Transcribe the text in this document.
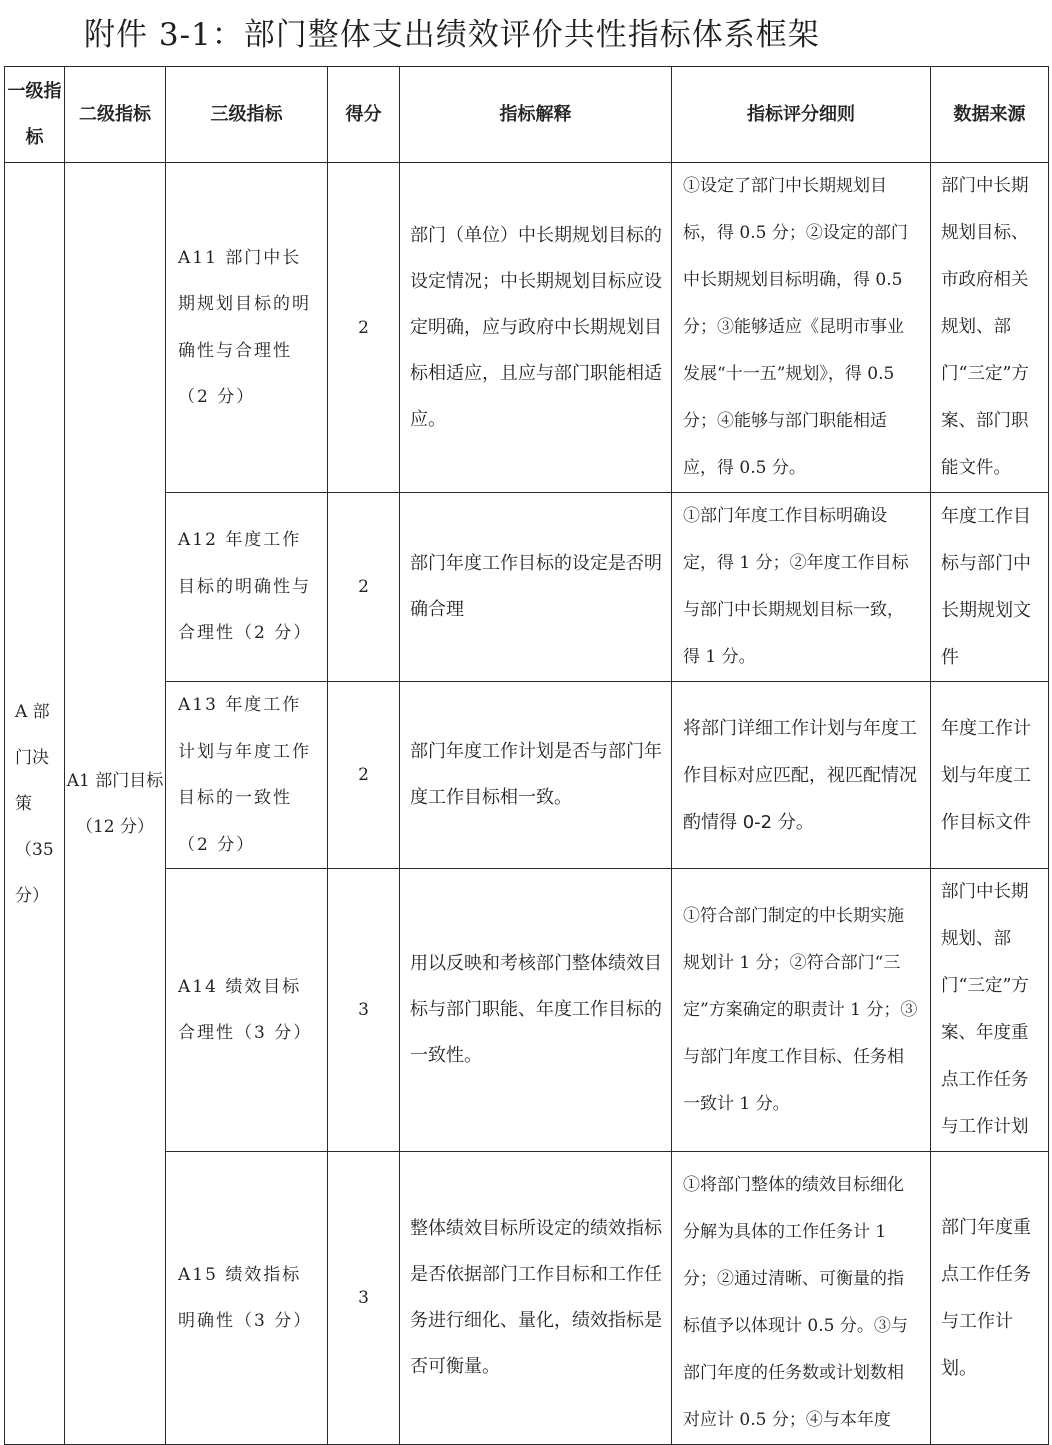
附件 3-1：部门整体支出绩效评价共性指标体系框架
一级指标	二级指标	三级指标	得分	指标解释	指标评分细则	数据来源
A 部门决策（35 分）	A1 部门目标（12 分）	A11 部门中长期规划目标的明确性与合理性（2 分）	2	部门（单位）中长期规划目标的设定情况；中长期规划目标应设定明确，应与政府中长期规划目标相适应，且应与部门职能相适应。	①设定了部门中长期规划目标，得 0.5 分；②设定的部门中长期规划目标明确，得 0.5 分；③能够适应《昆明市事业发展“十一五”规划》，得 0.5 分；④能够与部门职能相适应，得 0.5 分。	部门中长期规划目标、市政府相关规划、部门“三定”方案、部门职能文件。
		A12 年度工作目标的明确性与合理性（2 分）	2	部门年度工作目标的设定是否明确合理	①部门年度工作目标明确设定，得 1 分；②年度工作目标与部门中长期规划目标一致，得 1 分。	年度工作目标与部门中长期规划文件
		A13 年度工作计划与年度工作目标的一致性（2 分）	2	部门年度工作计划是否与部门年度工作目标相一致。	将部门详细工作计划与年度工作目标对应匹配，视匹配情况酌情得 0-2 分。	年度工作计划与年度工作目标文件
		A14 绩效目标合理性（3 分）	3	用以反映和考核部门整体绩效目标与部门职能、年度工作目标的一致性。	①符合部门制定的中长期实施规划计 1 分；②符合部门“三定”方案确定的职责计 1 分；③与部门年度工作目标、任务相一致计 1 分。	部门中长期规划、部门“三定”方案、年度重点工作任务与工作计划
		A15 绩效指标明确性（3 分）	3	整体绩效目标所设定的绩效指标是否依据部门工作目标和工作任务进行细化、量化，绩效指标是否可衡量。	①将部门整体的绩效目标细化分解为具体的工作任务计 1 分；②通过清晰、可衡量的指标值予以体现计 0.5 分。③与部门年度的任务数或计划数相对应计 0.5 分；④与本年度	部门年度重点工作任务与工作计划。
